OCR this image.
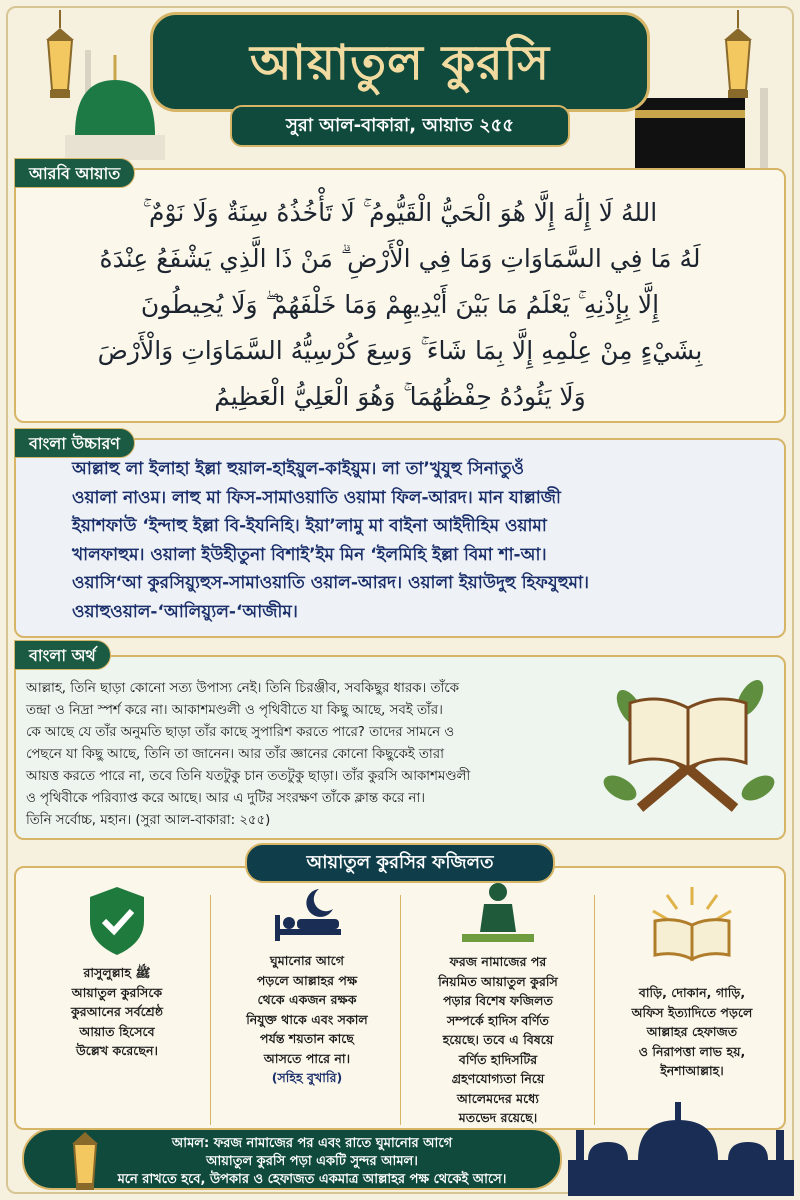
আয়াতুল কুরসি
সুরা আল-বাকারা, আয়াত ২৫৫
আরবি আয়াত
اللهُ لَا إِلَٰهَ إِلَّا هُوَ الْحَيُّ الْقَيُّومُ ۚ لَا تَأْخُذُهُ سِنَةٌ وَلَا نَوْمٌ ۚ
لَهُ مَا فِي السَّمَاوَاتِ وَمَا فِي الْأَرْضِ ۗ مَنْ ذَا الَّذِي يَشْفَعُ عِنْدَهُ
إِلَّا بِإِذْنِهِ ۚ يَعْلَمُ مَا بَيْنَ أَيْدِيهِمْ وَمَا خَلْفَهُمْ ۖ وَلَا يُحِيطُونَ
بِشَيْءٍ مِنْ عِلْمِهِ إِلَّا بِمَا شَاءَ ۚ وَسِعَ كُرْسِيُّهُ السَّمَاوَاتِ وَالْأَرْضَ
وَلَا يَئُودُهُ حِفْظُهُمَا ۚ وَهُوَ الْعَلِيُّ الْعَظِيمُ
বাংলা উচ্চারণ
আল্লাহু লা ইলাহা ইল্লা হুয়াল-হাইয়ুল-কাইয়ুম। লা তা’খুযুহু সিনাতুওঁ
ওয়ালা নাওম। লাহু মা ফিস-সামাওয়াতি ওয়ামা ফিল-আরদ। মান যাল্লাজী
ইয়াশফাউ ‘ইন্দাহু ইল্লা বি-ইযনিহি। ইয়া’লামু মা বাইনা আইদীহিম ওয়ামা
খালফাহুম। ওয়ালা ইউহীতুনা বিশাই’ইম মিন ‘ইলমিহি ইল্লা বিমা শা-আ।
ওয়াসি‘আ কুরসিয়্যুহুস-সামাওয়াতি ওয়াল-আরদ। ওয়ালা ইয়াউদুহু হিফযুহুমা।
ওয়াহুওয়াল-‘আলিয়্যুল-‘আজীম।
বাংলা অর্থ
আল্লাহ, তিনি ছাড়া কোনো সত্য উপাস্য নেই। তিনি চিরঞ্জীব, সবকিছুর ধারক। তাঁকে
তন্দ্রা ও নিদ্রা স্পর্শ করে না। আকাশমণ্ডলী ও পৃথিবীতে যা কিছু আছে, সবই তাঁর।
কে আছে যে তাঁর অনুমতি ছাড়া তাঁর কাছে সুপারিশ করতে পারে? তাদের সামনে ও
পেছনে যা কিছু আছে, তিনি তা জানেন। আর তাঁর জ্ঞানের কোনো কিছুকেই তারা
আয়ত্ত করতে পারে না, তবে তিনি যতটুকু চান ততটুকু ছাড়া। তাঁর কুরসি আকাশমণ্ডলী
ও পৃথিবীকে পরিব্যাপ্ত করে আছে। আর এ দুটির সংরক্ষণ তাঁকে ক্লান্ত করে না।
তিনি সর্বোচ্চ, মহান। (সুরা আল-বাকারা: ২৫৫)
আয়াতুল কুরসির ফজিলত
রাসুলুল্লাহ ﷺ
আয়াতুল কুরসিকে
কুরআনের সর্বশ্রেষ্ঠ
আয়াত হিসেবে
উল্লেখ করেছেন।
ঘুমানোর আগে
পড়লে আল্লাহর পক্ষ
থেকে একজন রক্ষক
নিযুক্ত থাকে এবং সকাল
পর্যন্ত শয়তান কাছে
আসতে পারে না।
(সহিহ বুখারি)
ফরজ নামাজের পর
নিয়মিত আয়াতুল কুরসি
পড়ার বিশেষ ফজিলত
সম্পর্কে হাদিস বর্ণিত
হয়েছে। তবে এ বিষয়ে
বর্ণিত হাদিসটির
গ্রহণযোগ্যতা নিয়ে
আলেমদের মধ্যে
মতভেদ রয়েছে।
বাড়ি, দোকান, গাড়ি,
অফিস ইত্যাদিতে পড়লে
আল্লাহর হেফাজত
ও নিরাপত্তা লাভ হয়,
ইনশাআল্লাহ।
আমল: ফরজ নামাজের পর এবং রাতে ঘুমানোর আগে
আয়াতুল কুরসি পড়া একটি সুন্দর আমল।
মনে রাখতে হবে, উপকার ও হেফাজত একমাত্র আল্লাহর পক্ষ থেকেই আসে।
